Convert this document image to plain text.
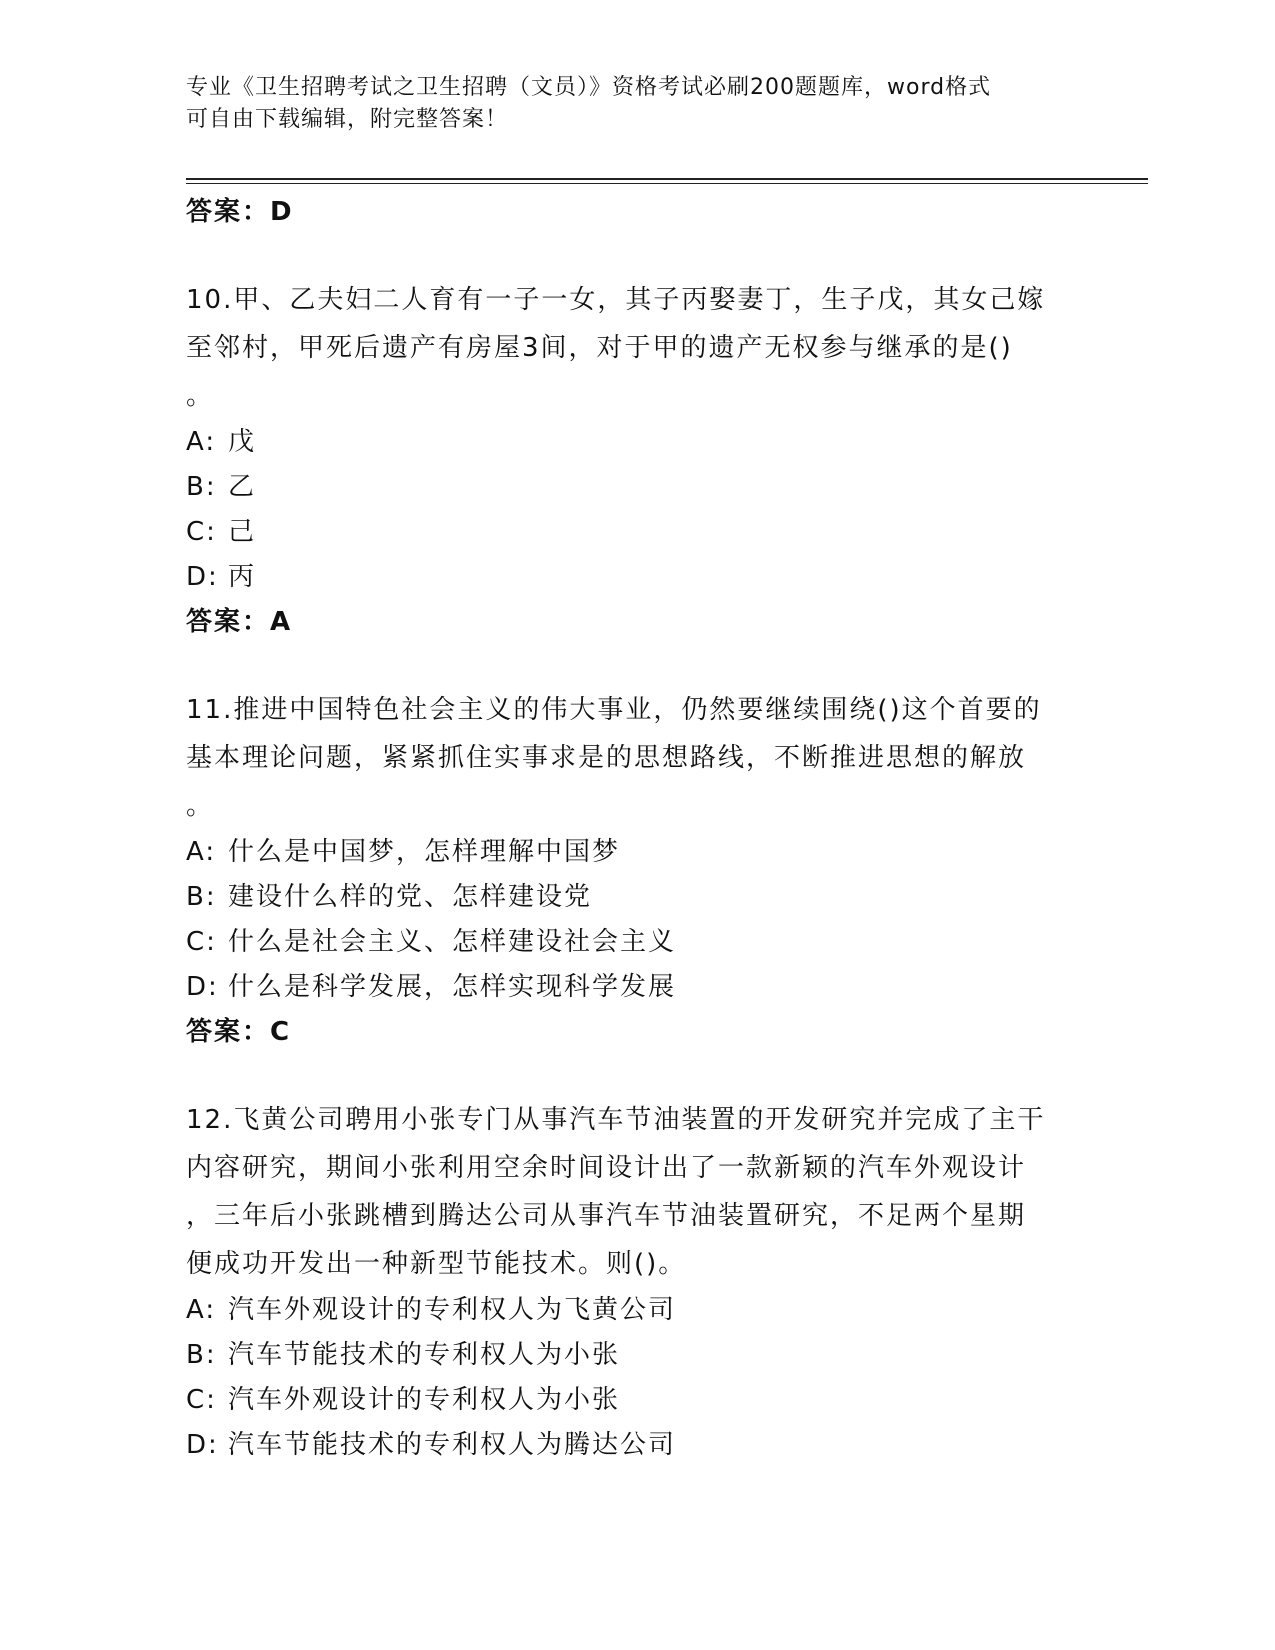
专业《卫生招聘考试之卫生招聘（文员）》资格考试必刷200题题库，word格式
可自由下载编辑，附完整答案！
答案：D
10.甲、乙夫妇二人育有一子一女，其子丙娶妻丁，生子戊，其女己嫁
至邻村，甲死后遗产有房屋3间，对于甲的遗产无权参与继承的是()
。
A: 戊
B: 乙
C: 己
D: 丙
答案：A
11.推进中国特色社会主义的伟大事业，仍然要继续围绕()这个首要的
基本理论问题，紧紧抓住实事求是的思想路线，不断推进思想的解放
。
A: 什么是中国梦，怎样理解中国梦
B: 建设什么样的党、怎样建设党
C: 什么是社会主义、怎样建设社会主义
D: 什么是科学发展，怎样实现科学发展
答案：C
12.飞黄公司聘用小张专门从事汽车节油装置的开发研究并完成了主干
内容研究，期间小张利用空余时间设计出了一款新颖的汽车外观设计
，三年后小张跳槽到腾达公司从事汽车节油装置研究，不足两个星期
便成功开发出一种新型节能技术。则()。
A: 汽车外观设计的专利权人为飞黄公司
B: 汽车节能技术的专利权人为小张
C: 汽车外观设计的专利权人为小张
D: 汽车节能技术的专利权人为腾达公司
